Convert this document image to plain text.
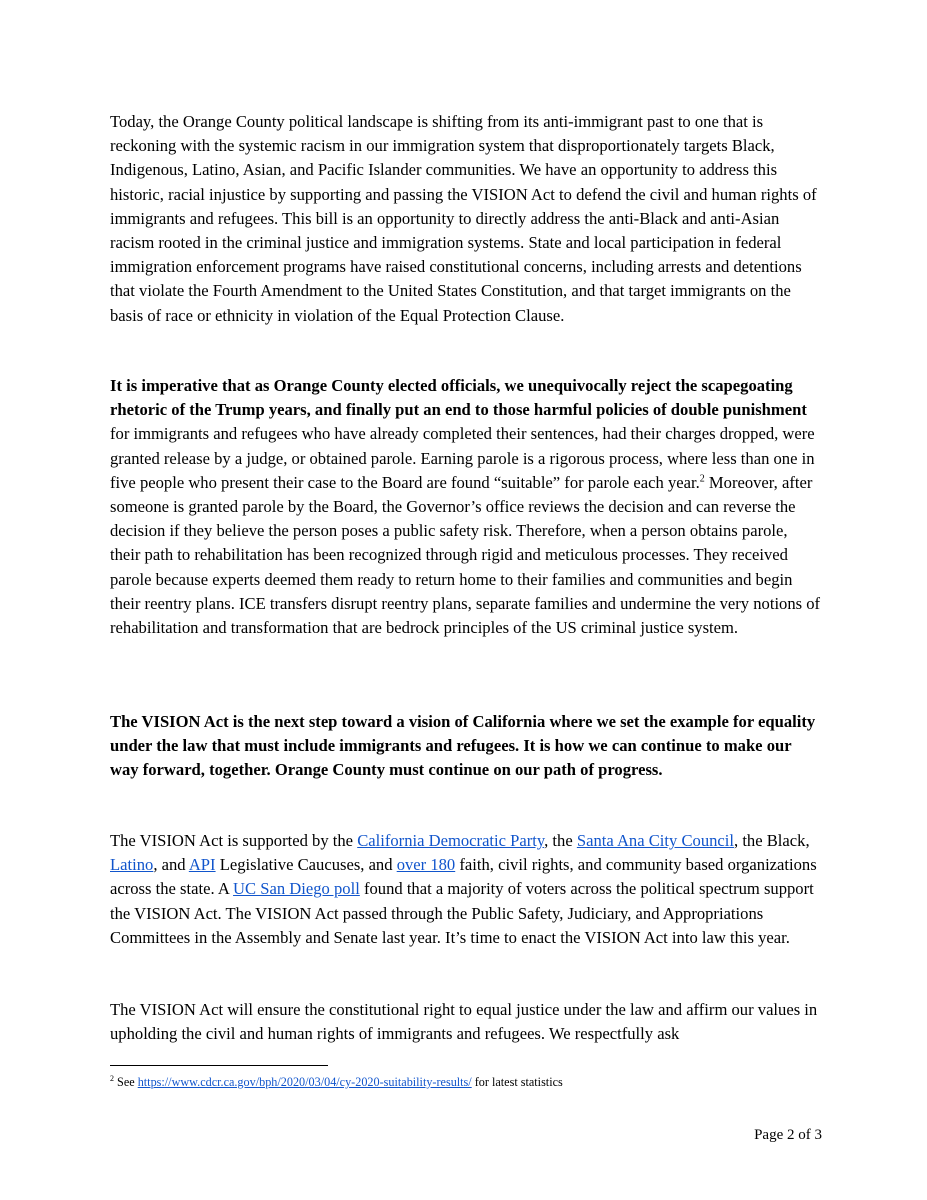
Today, the Orange County political landscape is shifting from its anti-immigrant past to one that is reckoning with the systemic racism in our immigration system that disproportionately targets Black, Indigenous, Latino, Asian, and Pacific Islander communities. We have an opportunity to address this historic, racial injustice by supporting and passing the VISION Act to defend the civil and human rights of immigrants and refugees. This bill is an opportunity to directly address the anti-Black and anti-Asian racism rooted in the criminal justice and immigration systems. State and local participation in federal immigration enforcement programs have raised constitutional concerns, including arrests and detentions that violate the Fourth Amendment to the United States Constitution, and that target immigrants on the basis of race or ethnicity in violation of the Equal Protection Clause.

It is imperative that as Orange County elected officials, we unequivocally reject the scapegoating rhetoric of the Trump years, and finally put an end to those harmful policies of double punishment for immigrants and refugees who have already completed their sentences, had their charges dropped, were granted release by a judge, or obtained parole. Earning parole is a rigorous process, where less than one in five people who present their case to the Board are found “suitable” for parole each year.$^2$ Moreover, after someone is granted parole by the Board, the Governor’s office reviews the decision and can reverse the decision if they believe the person poses a public safety risk. Therefore, when a person obtains parole, their path to rehabilitation has been recognized through rigid and meticulous processes. They received parole because experts deemed them ready to return home to their families and communities and begin their reentry plans. ICE transfers disrupt reentry plans, separate families and undermine the very notions of rehabilitation and transformation that are bedrock principles of the US criminal justice system.

The VISION Act is the next step toward a vision of California where we set the example for equality under the law that must include immigrants and refugees. It is how we can continue to make our way forward, together. Orange County must continue on our path of progress.

The VISION Act is supported by the California Democratic Party, the Santa Ana City Council, the Black, Latino, and API Legislative Caucuses, and over 180 faith, civil rights, and community based organizations across the state. A UC San Diego poll found that a majority of voters across the political spectrum support the VISION Act. The VISION Act passed through the Public Safety, Judiciary, and Appropriations Committees in the Assembly and Senate last year. It’s time to enact the VISION Act into law this year.

The VISION Act will ensure the constitutional right to equal justice under the law and affirm our values in upholding the civil and human rights of immigrants and refugees. We respectfully ask

$^2$ See https://www.cdcr.ca.gov/bph/2020/03/04/cy-2020-suitability-results/ for latest statistics

Page 2 of 3
